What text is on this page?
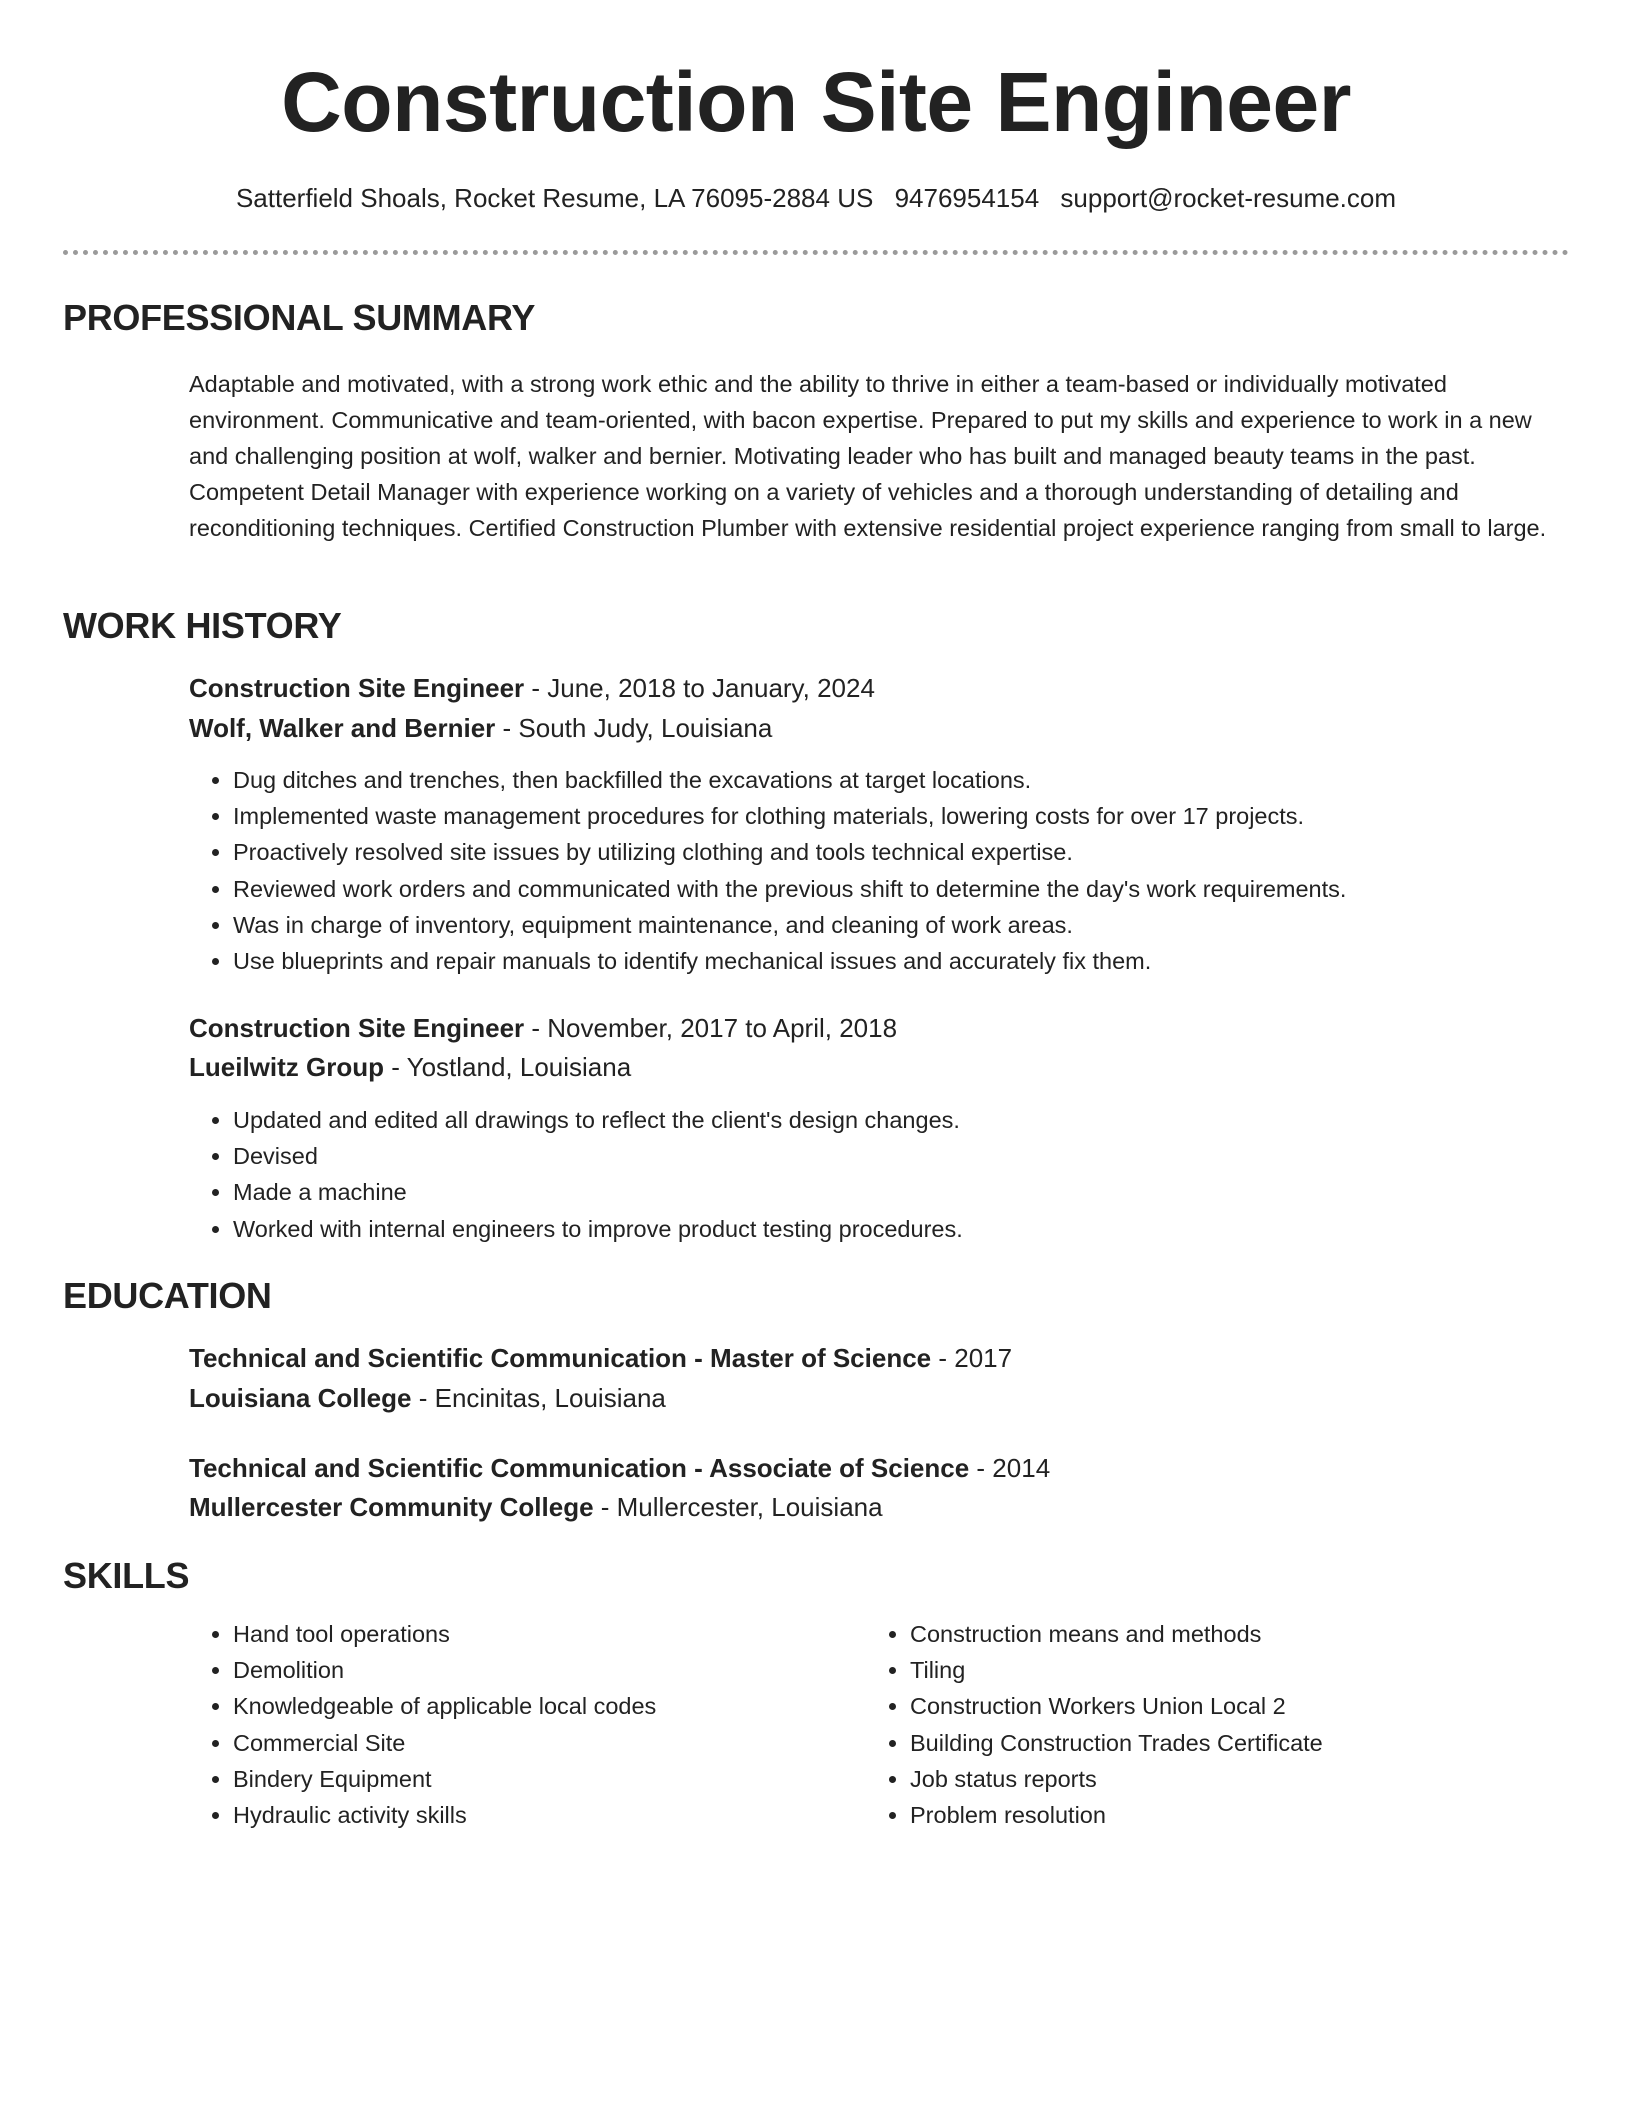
Construction Site Engineer
Satterfield Shoals, Rocket Resume, LA 76095-2884 US 9476954154 support@rocket-resume.com
PROFESSIONAL SUMMARY
Adaptable and motivated, with a strong work ethic and the ability to thrive in either a team-based or individually motivated environment. Communicative and team-oriented, with bacon expertise. Prepared to put my skills and experience to work in a new and challenging position at wolf, walker and bernier. Motivating leader who has built and managed beauty teams in the past. Competent Detail Manager with experience working on a variety of vehicles and a thorough understanding of detailing and reconditioning techniques. Certified Construction Plumber with extensive residential project experience ranging from small to large.
WORK HISTORY
Construction Site Engineer - June, 2018 to January, 2024
Wolf, Walker and Bernier - South Judy, Louisiana
• Dug ditches and trenches, then backfilled the excavations at target locations.
• Implemented waste management procedures for clothing materials, lowering costs for over 17 projects.
• Proactively resolved site issues by utilizing clothing and tools technical expertise.
• Reviewed work orders and communicated with the previous shift to determine the day's work requirements.
• Was in charge of inventory, equipment maintenance, and cleaning of work areas.
• Use blueprints and repair manuals to identify mechanical issues and accurately fix them.
Construction Site Engineer - November, 2017 to April, 2018
Lueilwitz Group - Yostland, Louisiana
• Updated and edited all drawings to reflect the client's design changes.
• Devised
• Made a machine
• Worked with internal engineers to improve product testing procedures.
EDUCATION
Technical and Scientific Communication - Master of Science - 2017
Louisiana College - Encinitas, Louisiana
Technical and Scientific Communication - Associate of Science - 2014
Mullercester Community College - Mullercester, Louisiana
SKILLS
• Hand tool operations
• Demolition
• Knowledgeable of applicable local codes
• Commercial Site
• Bindery Equipment
• Hydraulic activity skills
• Construction means and methods
• Tiling
• Construction Workers Union Local 2
• Building Construction Trades Certificate
• Job status reports
• Problem resolution
